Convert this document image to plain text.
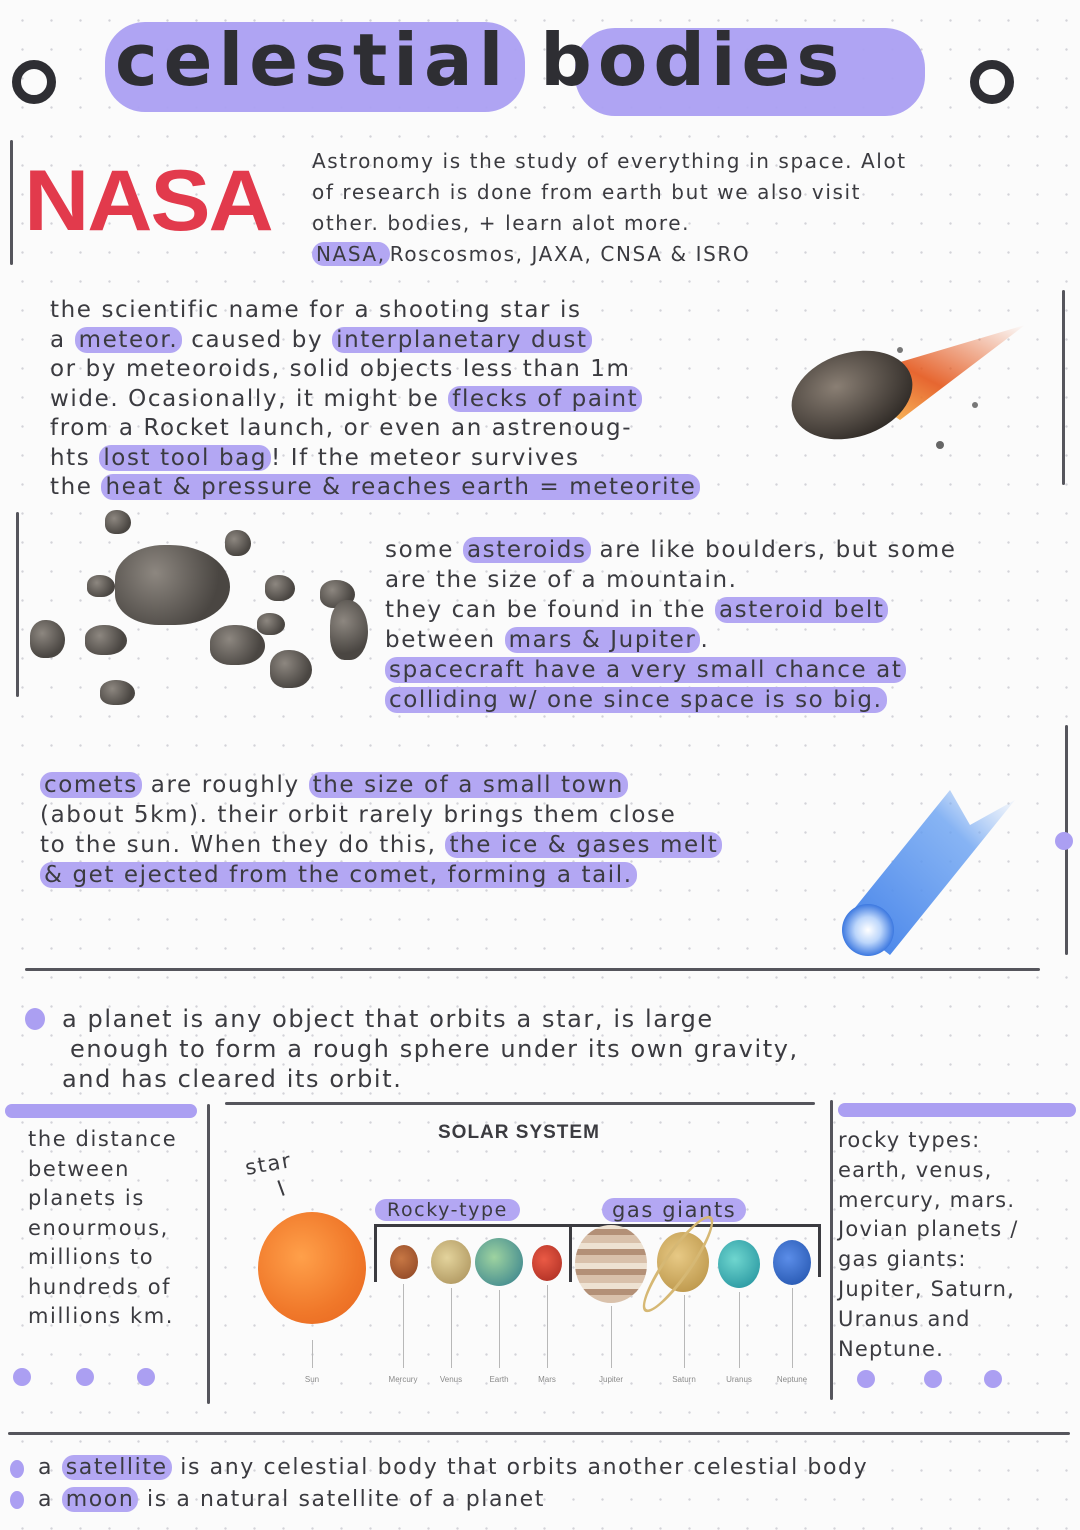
celestial bodies
NASA Astronomy is the study of everything in space. Alot
of research is done from earth but we also visit
other. bodies, + learn alot more.
NASA, Roscosmos, JAXA, CNSA & ISRO
the scientific name for a shooting star is
a meteor. caused by interplanetary dust
or by meteoroids, solid objects less than 1m
wide. Ocasionally, it might be flecks of paint
from a Rocket launch, or even an astrenoug-
hts lost tool bag ! If the meteor survives
the heat & pressure & reaches earth = meteorite
some asteroids are like boulders, but some
are the size of a mountain.
they can be found in the asteroid belt
between mars & Jupiter .
spacecraft have a very small chance at
colliding w/ one since space is so big.
comets are roughly the size of a small town
(about 5km). their orbit rarely brings them close
to the sun. When they do this, the ice & gases melt
& get ejected from the comet, forming a tail.
a planet is any object that orbits a star, is large
enough to form a rough sphere under its own gravity,
and has cleared its orbit.
the distance
between
planets is
enourmous,
millions to
hundreds of
millions km.
SOLAR SYSTEM
star
Rocky-type	gas giants
Sun	Mercury	Venus	Earth	Mars	Jupiter	Saturn	Uranus	Neptune
rocky types:
earth, venus,
mercury, mars.
Jovian planets /
gas giants:
Jupiter, Saturn,
Uranus and
Neptune.
a satellite is any celestial body that orbits another celestial body
a moon is a natural satellite of a planet
